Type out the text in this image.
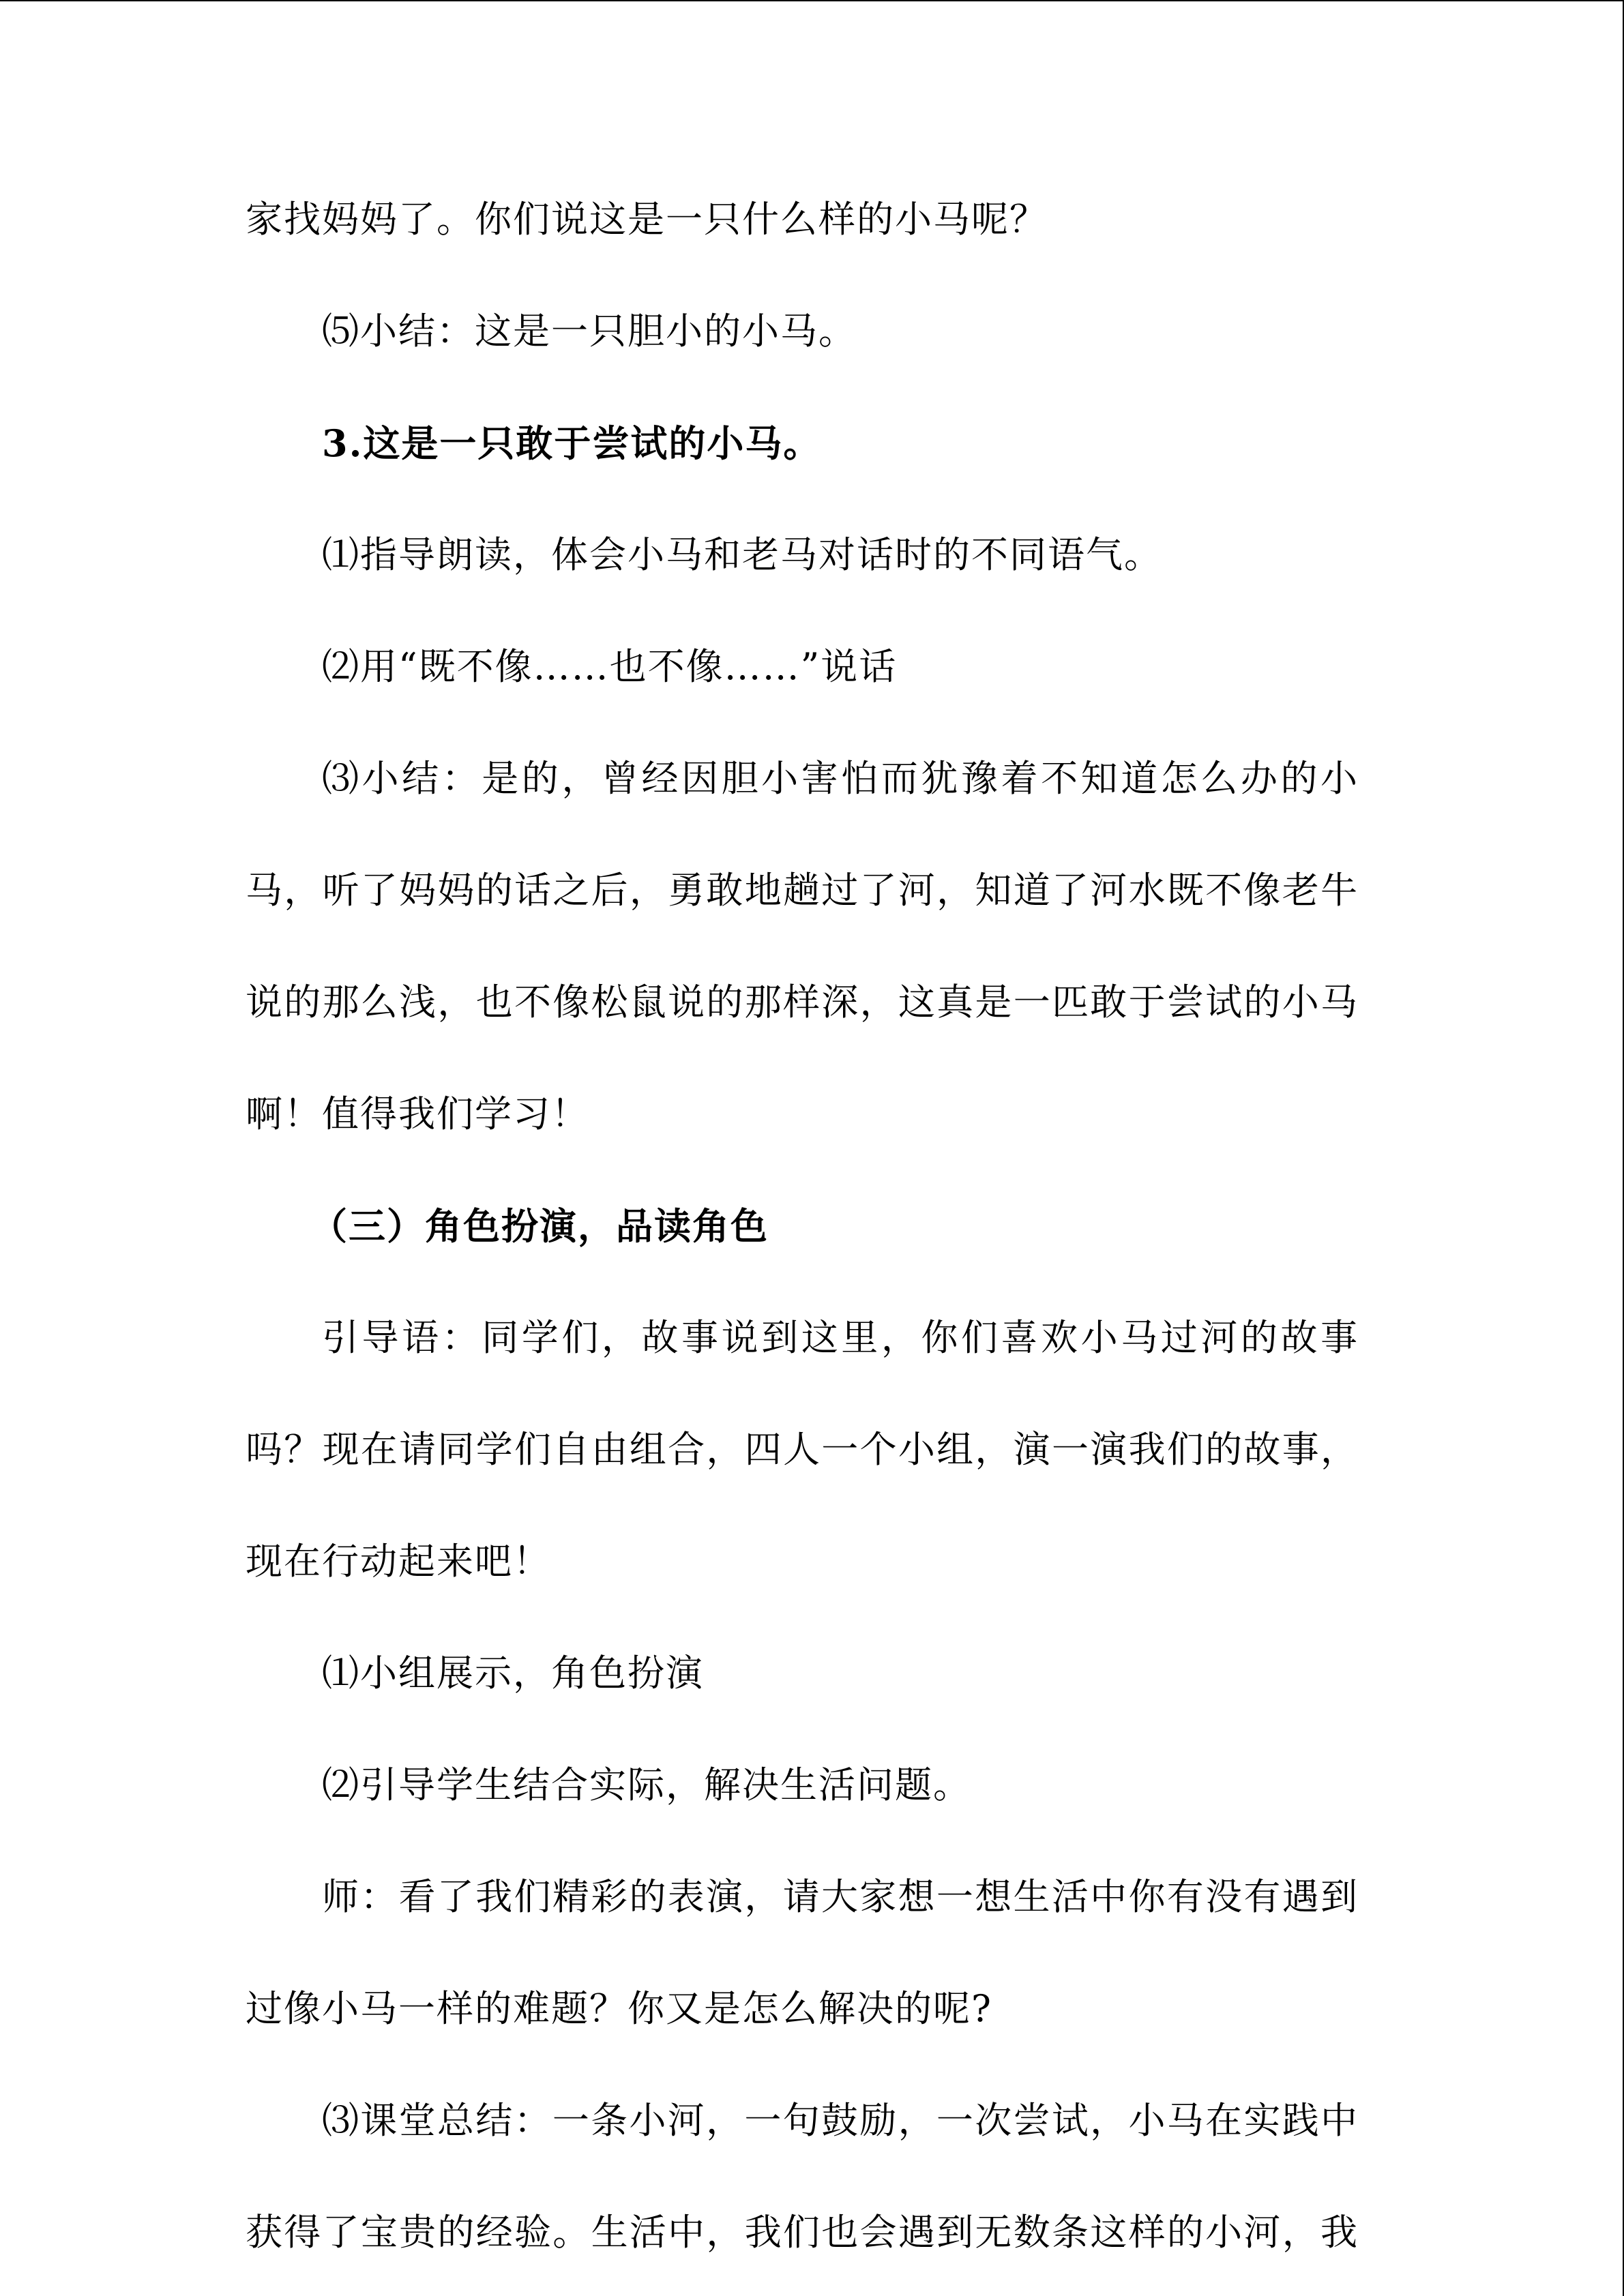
家找妈妈了。你们说这是一只什么样的小马呢？
⑸小结：这是一只胆小的小马。
3.这是一只敢于尝试的小马。
⑴指导朗读，体会小马和老马对话时的不同语气。
⑵用“既不像……也不像……”说话
⑶小结：是的，曾经因胆小害怕而犹豫着不知道怎么办的小
马，听了妈妈的话之后，勇敢地趟过了河，知道了河水既不像老牛
说的那么浅，也不像松鼠说的那样深，这真是一匹敢于尝试的小马
啊！值得我们学习！
（三）角色扮演，品读角色
引导语：同学们，故事说到这里，你们喜欢小马过河的故事
吗？现在请同学们自由组合，四人一个小组，演一演我们的故事，
现在行动起来吧！
⑴小组展示，角色扮演
⑵引导学生结合实际，解决生活问题。
师：看了我们精彩的表演，请大家想一想生活中你有没有遇到
过像小马一样的难题？你又是怎么解决的呢?
⑶课堂总结：一条小河，一句鼓励，一次尝试，小马在实践中
获得了宝贵的经验。生活中，我们也会遇到无数条这样的小河，我
